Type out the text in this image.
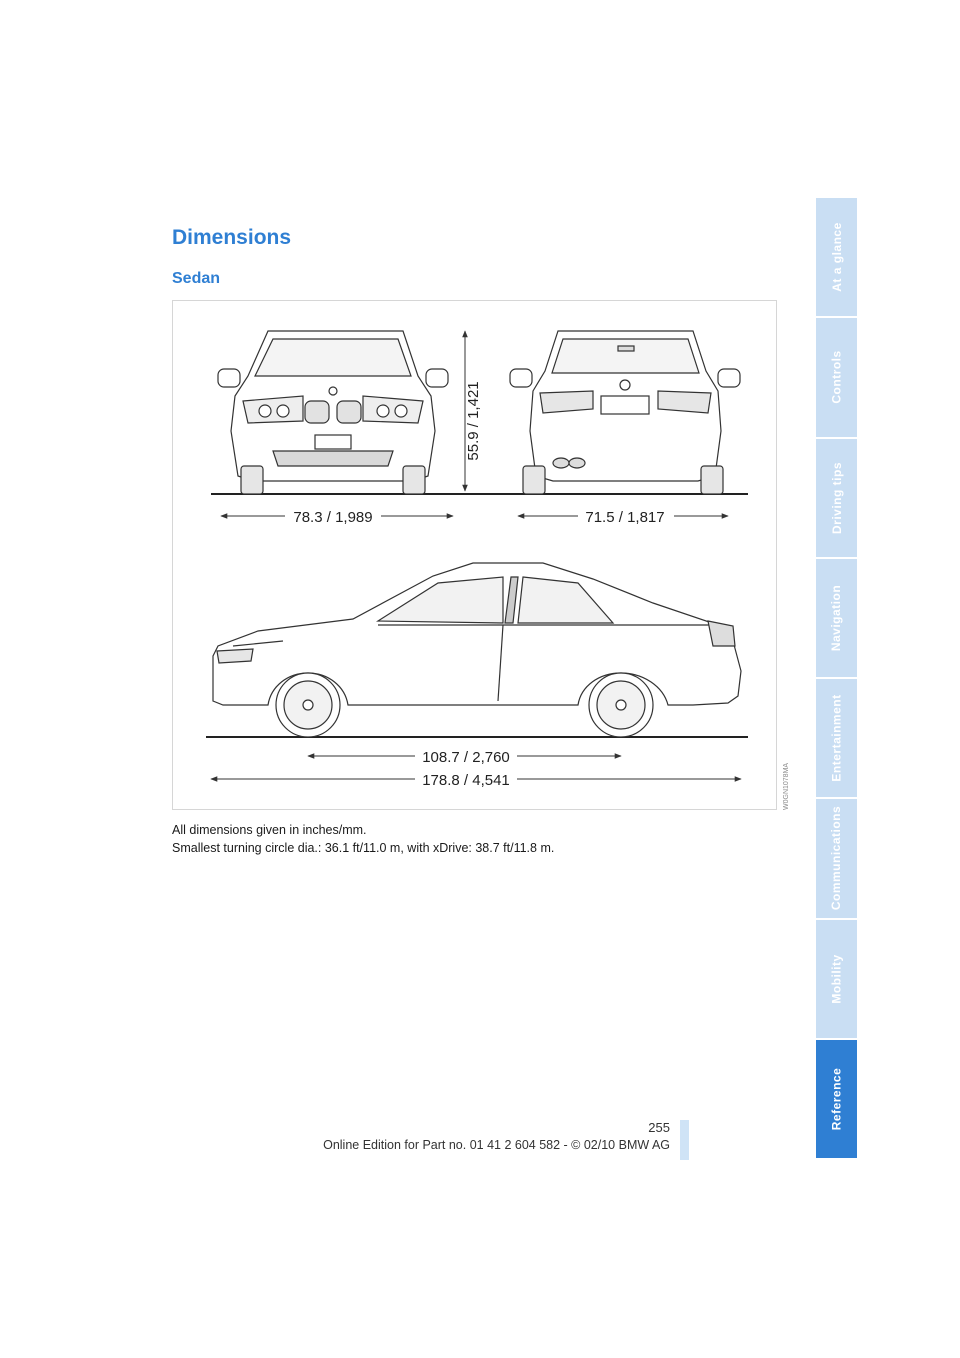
Dimensions
Sedan
55.9 / 1,421
78.3 / 1,989	71.5 / 1,817
108.7 / 2,760
178.8 / 4,541	W0GN1078MA

All dimensions given in inches/mm.

Smallest turning circle dia.: 36.1 ft/11.0 m, with xDrive: 38.7 ft/11.8 m.

255
Online Edition for Part no. 01 41 2 604 582 - © 02/10 BMW AG
At a glance
Controls
Driving tips
Navigation
Entertainment
Communications
Mobility
Reference
